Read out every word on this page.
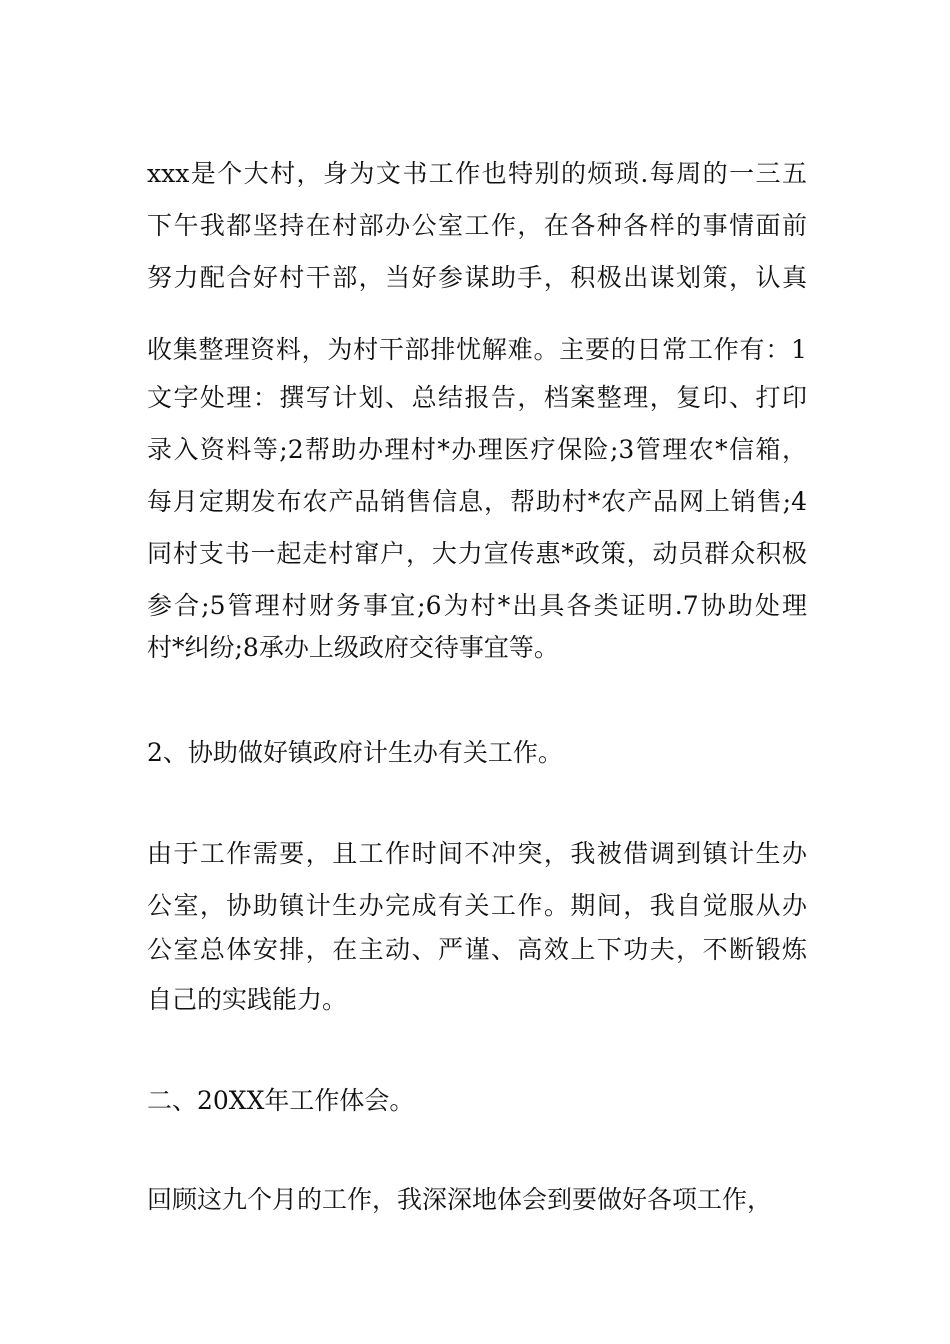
xxx是个大村，身为文书工作也特别的烦琐.每周的一三五
下午我都坚持在村部办公室工作，在各种各样的事情面前
努力配合好村干部，当好参谋助手，积极出谋划策，认真
收集整理资料，为村干部排忧解难。主要的日常工作有：1
文字处理：撰写计划、总结报告，档案整理，复印、打印
录入资料等;2帮助办理村*办理医疗保险;3管理农*信箱，
每月定期发布农产品销售信息，帮助村*农产品网上销售;4
同村支书一起走村窜户，大力宣传惠*政策，动员群众积极
参合;5管理村财务事宜;6为村*出具各类证明.7协助处理
村*纠纷;8承办上级政府交待事宜等。
2、协助做好镇政府计生办有关工作。
由于工作需要，且工作时间不冲突，我被借调到镇计生办
公室，协助镇计生办完成有关工作。期间，我自觉服从办
公室总体安排，在主动、严谨、高效上下功夫，不断锻炼
自己的实践能力。
二、20XX年工作体会。
回顾这九个月的工作，我深深地体会到要做好各项工作，
